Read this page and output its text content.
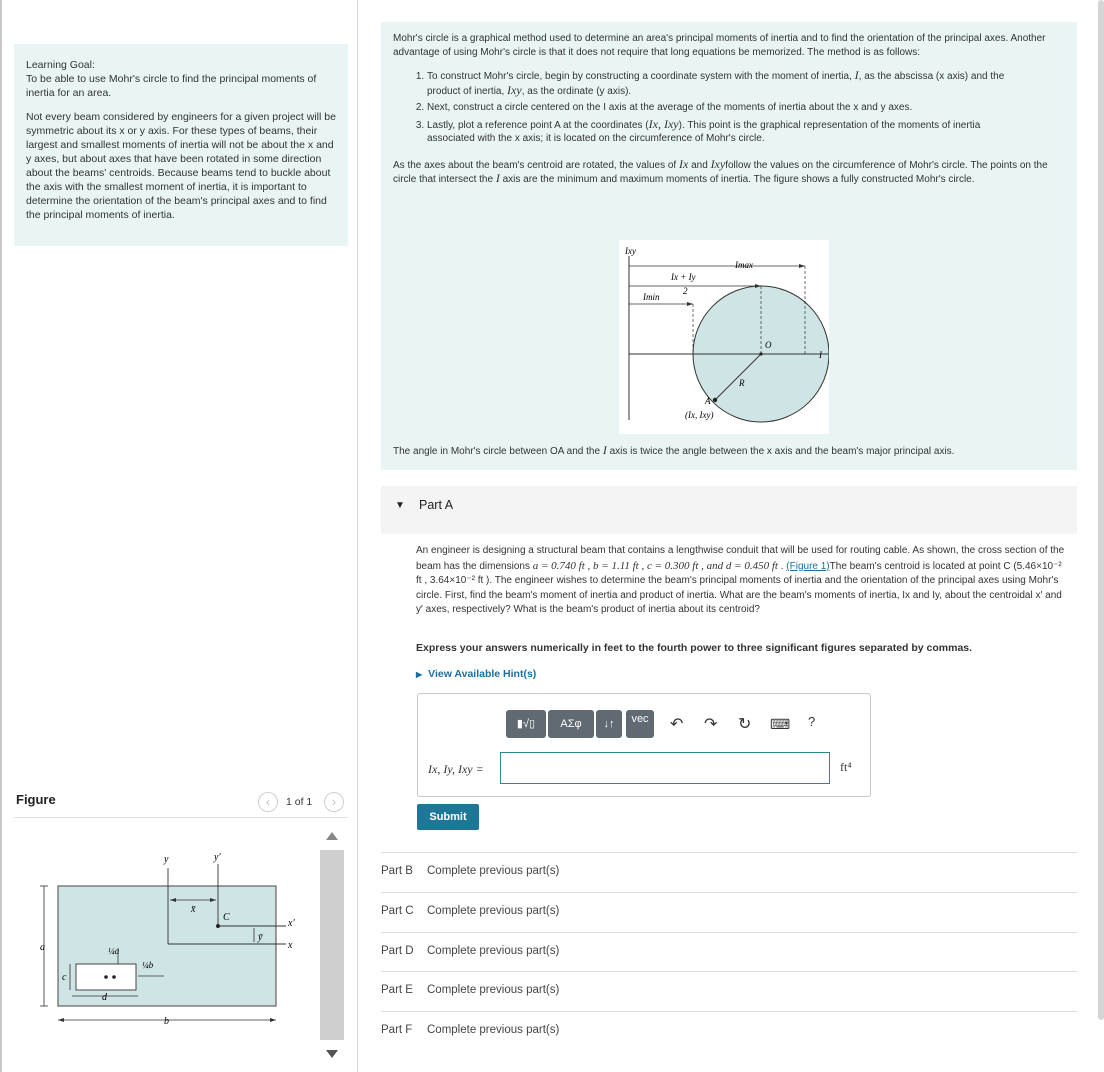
Learning Goal:
To be able to use Mohr's circle to find the principal moments of inertia for an area.

Not every beam considered by engineers for a given project will be symmetric about its x or y axis. For these types of beams, their largest and smallest moments of inertia will not be about the x and y axes, but about axes that have been rotated in some direction about the beams' centroids. Because beams tend to buckle about the axis with the smallest moment of inertia, it is important to determine the orientation of the beam's principal axes and to find the principal moments of inertia.

Figure	‹	1 of 1	›
y	y′
x̄
C
x′
ȳ
x
a	¼a
¼b
c
d
b

Mohr's circle is a graphical method used to determine an area's principal moments of inertia and to find the orientation of the principal axes. Another advantage of using Mohr's circle is that it does not require that long equations be memorized. The method is as follows:

1. To construct Mohr's circle, begin by constructing a coordinate system with the moment of inertia, I, as the abscissa (x axis) and the product of inertia, Ixy, as the ordinate (y axis).
2. Next, construct a circle centered on the I axis at the average of the moments of inertia about the x and y axes.
3. Lastly, plot a reference point A at the coordinates (Ix, Ixy). This point is the graphical representation of the moments of inertia associated with the x axis; it is located on the circumference of Mohr's circle.

As the axes about the beam's centroid are rotated, the values of Ix and Ixyfollow the values on the circumference of Mohr's circle. The points on the circle that intersect the I axis are the minimum and maximum moments of inertia. The figure shows a fully constructed Mohr's circle.

Ixy
Imax
Ix + Iy
2
Imin
O
I
R
A
(Ix, Ixy)

The angle in Mohr's circle between OA and the I axis is twice the angle between the x axis and the beam's major principal axis.

▼ Part A
An engineer is designing a structural beam that contains a lengthwise conduit that will be used for routing cable. As shown, the cross section of the beam has the dimensions a = 0.740 ft , b = 1.11 ft , c = 0.300 ft , and d = 0.450 ft . (Figure 1)The beam's centroid is located at point C (5.46×10⁻² ft , 3.64×10⁻² ft ). The engineer wishes to determine the beam's principal moments of inertia and the orientation of the principal axes using Mohr's circle. First, find the beam's moment of inertia and product of inertia. What are the beam's moments of inertia, Ix and Iy, about the centroidal x′ and y′ axes, respectively? What is the beam's product of inertia about its centroid?
Express your answers numerically in feet to the fourth power to three significant figures separated by commas.
▶ View Available Hint(s)
▮√▯	ΑΣφ	↓↑	vec	↶ ↷ ↻ ⌨ ?
Ix, Iy, Ixy =	ft⁴
Submit
Part B Complete previous part(s)
Part C Complete previous part(s)
Part D Complete previous part(s)
Part E Complete previous part(s)
Part F Complete previous part(s)
